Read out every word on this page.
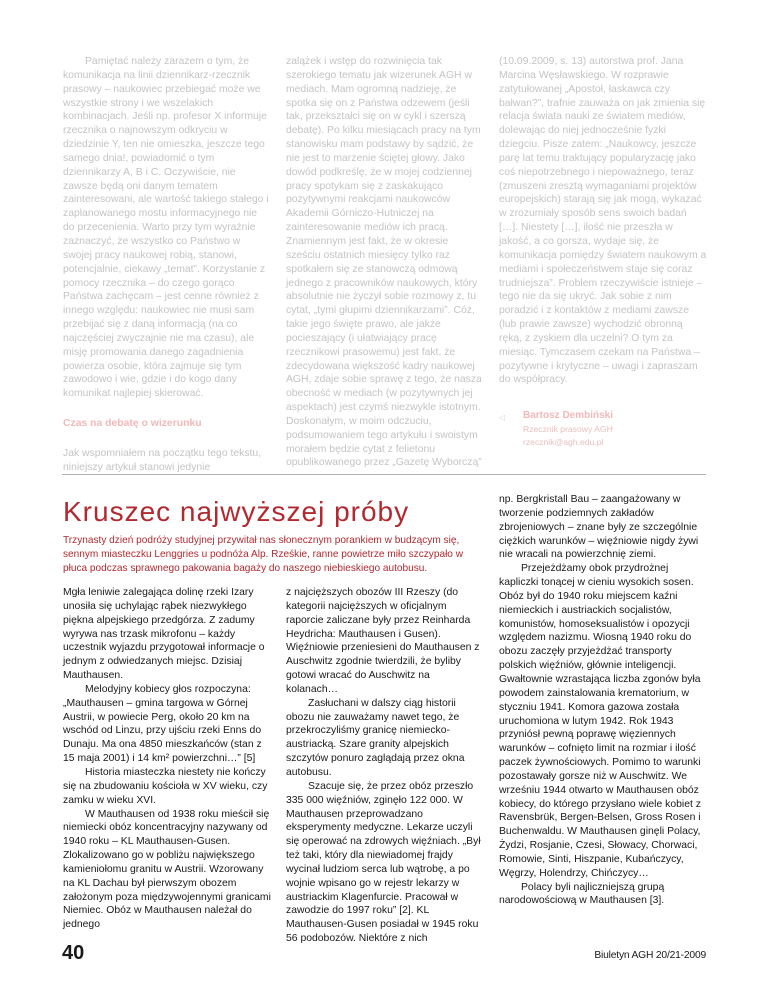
Pamiętać należy zarazem o tym, że komunikacja na linii dziennikarz-rzecznik prasowy – naukowiec przebiegać może we wszystkie strony i we wszelakich kombinacjach. Jeśli np. profesor X informuje rzecznika o najnowszym odkryciu w dziedzinie Y, ten nie omieszka, jeszcze tego samego dnia!, powiadomić o tym dziennikarzy A, B i C. Oczywiście, nie zawsze będą oni danym tematem zainteresowani, ale wartość takiego stałego i zaplanowanego mostu informacyjnego nie do przecenienia. Warto przy tym wyraźnie zaznaczyć, że wszystko co Państwo w swojej pracy naukowej robią, stanowi, potencjalnie, ciekawy „temat”. Korzystanie z pomocy rzecznika – do czego gorąco Państwa zachęcam – jest cenne również z innego względu: naukowiec nie musi sam przebijać się z daną informacją (na co najczęściej zwyczajnie nie ma czasu), ale misję promowania danego zagadnienia powierza osobie, która zajmuje się tym zawodowo i wie, gdzie i do kogo dany komunikat najlepiej skierować.

Czas na debatę o wizerunku

Jak wspomniałem na początku tego tekstu, niniejszy artykuł stanowi jedynie

zalążek i wstęp do rozwinięcia tak szerokiego tematu jak wizerunek AGH w mediach. Mam ogromną nadzieję, że spotka się on z Państwa odzewem (jeśli tak, przekształci się on w cykl i szerszą debatę). Po kilku miesiącach pracy na tym stanowisku mam podstawy by sądzić, że nie jest to marzenie ściętej głowy. Jako dowód podkreślę, że w mojej codziennej pracy spotykam się z zaskakująco pozytywnymi reakcjami naukowców Akademii Górniczo-Hutniczej na zainteresowanie mediów ich pracą. Znamiennym jest fakt, że w okresie sześciu ostatnich miesięcy tylko raz spotkałem się ze stanowczą odmową jednego z pracowników naukowych, który absolutnie nie życzył sobie rozmowy z, tu cytat, „tymi głupimi dziennikarzami”. Cóż, takie jego święte prawo, ale jakże pocieszający (i ułatwiający pracę rzecznikowi prasowemu) jest fakt, że zdecydowana większość kadry naukowej AGH, zdaje sobie sprawę z tego, że nasza obecność w mediach (w pozytywnych jej aspektach) jest czymś niezwykle istotnym. Doskonałym, w moim odczuciu, podsumowaniem tego artykułu i swoistym morałem będzie cytat z felietonu opublikowanego przez „Gazetę Wyborczą”

(10.09.2009, s. 13) autorstwa prof. Jana Marcina Węsławskiego. W rozprawie zatytułowanej „Apostoł, łaskawca czy bałwan?”, trafnie zauważa on jak zmienia się relacja świata nauki ze światem mediów, dolewając do niej jednocześnie fyzki dziegciu. Pisze zatem: „Naukowcy, jeszcze parę lat temu traktujący popularyzację jako coś niepotrzebnego i niepoważnego, teraz (zmuszeni zresztą wymaganiami projektów europejskich) starają się jak mogą, wykazać w zrozumiały sposób sens swoich badań […]. Niestety […], ilość nie przeszła w jakość, a co gorsza, wydaje się, że komunikacja pomiędzy światem naukowym a mediami i społeczeństwem staje się coraz trudniejsza”. Problem rzeczywiście istnieje – tego nie da się ukryć. Jak sobie z nim poradzić i z kontaktów z mediami zawsze (lub prawie zawsze) wychodzić obronną ręką, z zyskiem dla uczelni? O tym za miesiąc. Tymczasem czekam na Państwa – pozytywne i krytyczne – uwagi i zapraszam do współpracy.

◁	Bartosz Dembiński
Rzecznik prasowy AGH
rzecznik@agh.edu.pl
Kruszec najwyższej próby

Trzynasty dzień podróży studyjnej przywitał nas słonecznym porankiem w budzącym się, sennym miasteczku Lenggries u podnóża Alp. Rześkie, ranne powietrze miło szczypało w płuca podczas sprawnego pakowania bagaży do naszego niebieskiego autobusu.

Mgła leniwie zalegająca dolinę rzeki Izary unosiła się uchylając rąbek niezwykłego piękna alpejskiego przedgórza. Z zadumy wyrywa nas trzask mikrofonu – każdy uczestnik wyjazdu przygotował informacje o jednym z odwiedzanych miejsc. Dzisiaj Mauthausen.

Melodyjny kobiecy głos rozpoczyna: „Mauthausen – gmina targowa w Górnej Austrii, w powiecie Perg, około 20 km na wschód od Linzu, przy ujściu rzeki Enns do Dunaju. Ma ona 4850 mieszkańców (stan z 15 maja 2001) i 14 km² powierzchni…” [5]

Historia miasteczka niestety nie kończy się na zbudowaniu kościoła w XV wieku, czy zamku w wieku XVI.

W Mauthausen od 1938 roku mieścił się niemiecki obóz koncentracyjny nazywany od 1940 roku – KL Mauthausen-Gusen. Zlokalizowano go w pobliżu największego kamieniołomu granitu w Austrii. Wzorowany na KL Dachau był pierwszym obozem założonym poza międzywojennymi granicami Niemiec. Obóz w Mauthausen należał do jednego

z najcięższych obozów III Rzeszy (do kategorii najcięższych w oficjalnym raporcie zaliczane były przez Reinharda Heydricha: Mauthausen i Gusen). Więźniowie przeniesieni do Mauthausen z Auschwitz zgodnie twierdzili, że byliby gotowi wracać do Auschwitz na kolanach…

Zasłuchani w dalszy ciąg historii obozu nie zauważamy nawet tego, że przekroczyliśmy granicę niemiecko-austriacką. Szare granity alpejskich szczytów ponuro zaglądają przez okna autobusu.

Szacuje się, że przez obóz przeszło 335 000 więźniów, zginęło 122 000. W Mauthausen przeprowadzano eksperymenty medyczne. Lekarze uczyli się operować na zdrowych więźniach. „Był też taki, który dla niewiadomej frajdy wycinał ludziom serca lub wątrobę, a po wojnie wpisano go w rejestr lekarzy w austriackim Klagenfurcie. Pracował w zawodzie do 1997 roku” [2]. KL Mauthausen-Gusen posiadał w 1945 roku 56 podobozów. Niektóre z nich

np. Bergkristall Bau – zaangażowany w tworzenie podziemnych zakładów zbrojeniowych – znane były ze szczególnie ciężkich warunków – więźniowie nigdy żywi nie wracali na powierzchnię ziemi.

Przejeżdżamy obok przydrożnej kapliczki tonącej w cieniu wysokich sosen. Obóz był do 1940 roku miejscem kaźni niemieckich i austriackich socjalistów, komunistów, homoseksualistów i opozycji względem nazizmu. Wiosną 1940 roku do obozu zaczęły przyjeżdżać transporty polskich więźniów, głównie inteligencji. Gwałtownie wzrastająca liczba zgonów była powodem zainstalowania krematorium, w styczniu 1941. Komora gazowa została uruchomiona w lutym 1942. Rok 1943 przyniósł pewną poprawę więziennych warunków – cofnięto limit na rozmiar i ilość paczek żywnościowych. Pomimo to warunki pozostawały gorsze niż w Auschwitz. We wrześniu 1944 otwarto w Mauthausen obóz kobiecy, do którego przysłano wiele kobiet z Ravensbrük, Bergen-Belsen, Gross Rosen i Buchenwaldu. W Mauthausen ginęli Polacy, Żydzi, Rosjanie, Czesi, Słowacy, Chorwaci, Romowie, Sinti, Hiszpanie, Kubańczycy, Węgrzy, Holendrzy, Chińczycy…

Polacy byli najliczniejszą grupą narodowościową w Mauthausen [3].

40	Biuletyn AGH 20/21-2009
